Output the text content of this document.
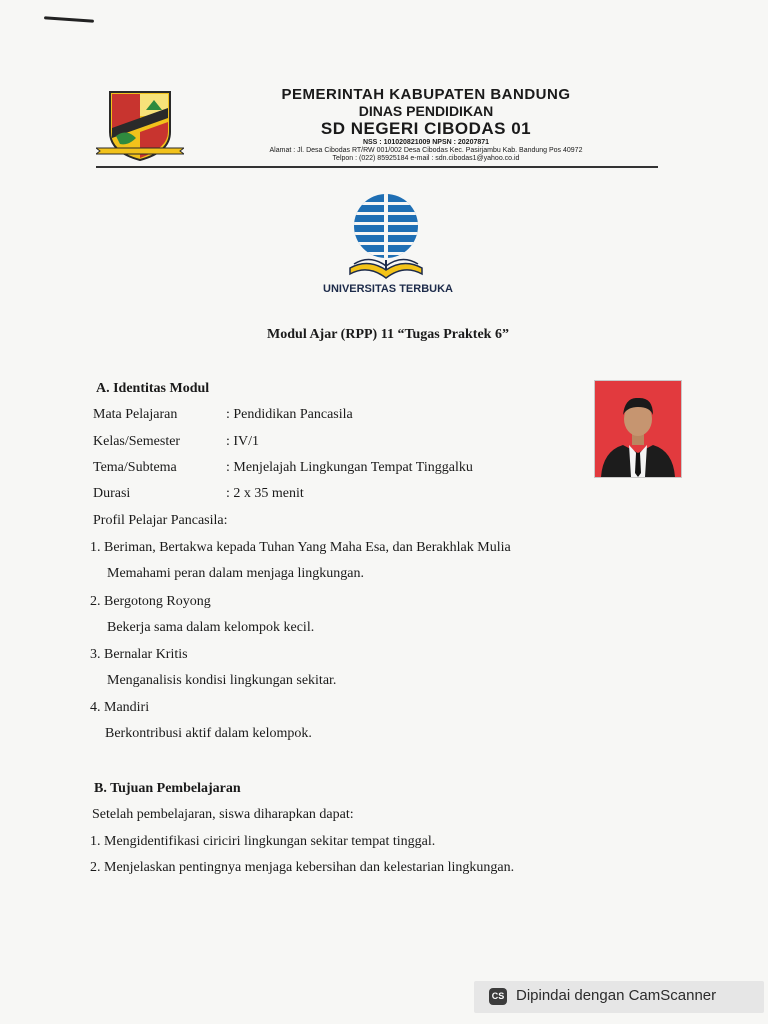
PEMERINTAH KABUPATEN BANDUNG
DINAS PENDIDIKAN
SD NEGERI CIBODAS 01
NSS : 101020821009 NPSN : 20207871
Alamat : Jl. Desa Cibodas RT/RW 001/002 Desa Cibodas Kec. Pasirjambu Kab. Bandung Pos 40972
Telpon : (022) 85925184 e-mail : sdn.cibodas1@yahoo.co.id
UNIVERSITAS TERBUKA
Modul Ajar (RPP) 11 “Tugas Praktek 6”
A. Identitas Modul
Mata Pelajaran	: Pendidikan Pancasila
Kelas/Semester	: IV/1
Tema/Subtema	: Menjelajah Lingkungan Tempat Tinggalku
Durasi	: 2 x 35 menit
Profil Pelajar Pancasila:
1. Beriman, Bertakwa kepada Tuhan Yang Maha Esa, dan Berakhlak Mulia
Memahami peran dalam menjaga lingkungan.
2. Bergotong Royong
Bekerja sama dalam kelompok kecil.
3. Bernalar Kritis
Menganalisis kondisi lingkungan sekitar.
4. Mandiri
Berkontribusi aktif dalam kelompok.
B. Tujuan Pembelajaran
Setelah pembelajaran, siswa diharapkan dapat:
1. Mengidentifikasi ciriciri lingkungan sekitar tempat tinggal.
2. Menjelaskan pentingnya menjaga kebersihan dan kelestarian lingkungan.
CS Dipindai dengan CamScanner
